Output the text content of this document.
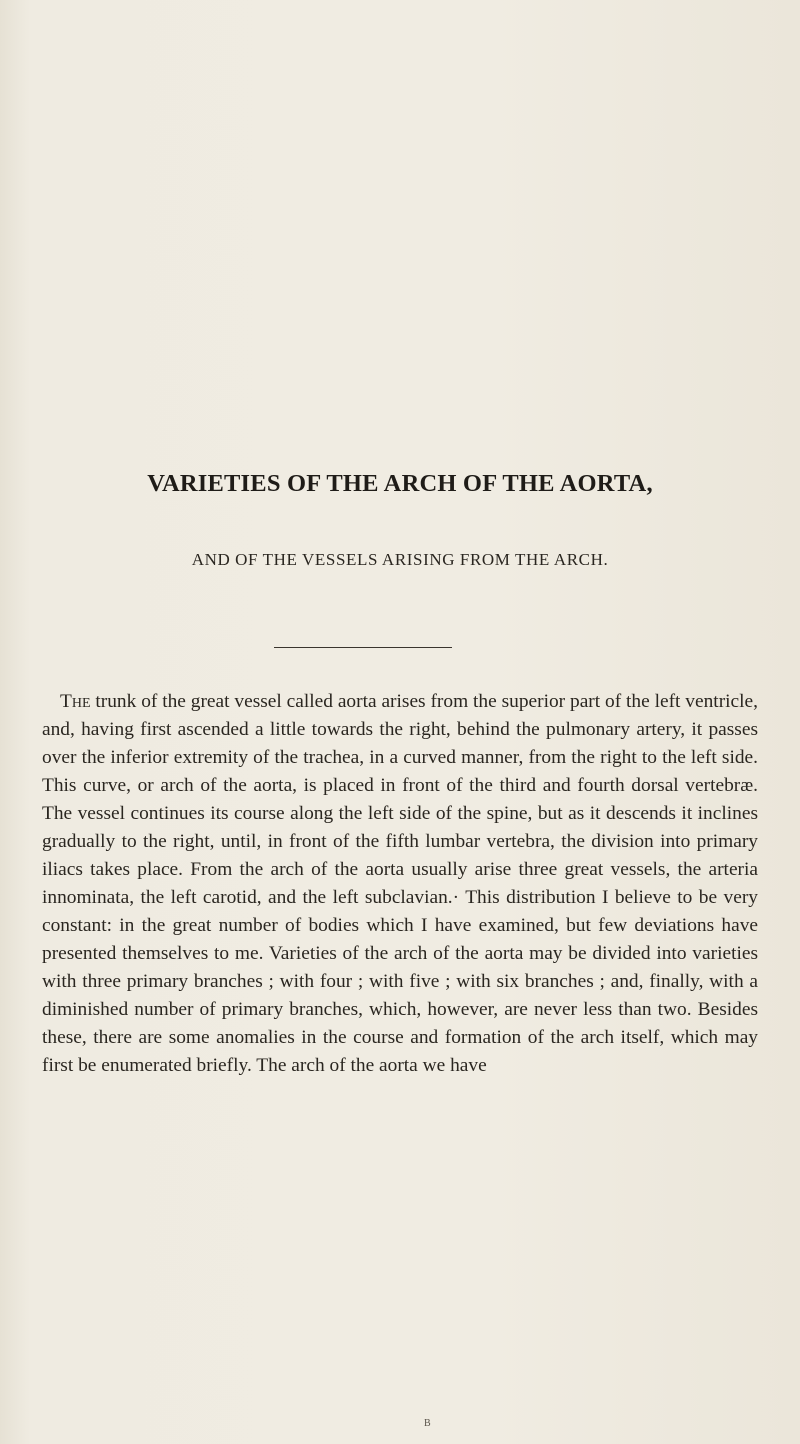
VARIETIES OF THE ARCH OF THE AORTA,
AND OF THE VESSELS ARISING FROM THE ARCH.

The trunk of the great vessel called aorta arises from the superior part of the left ventricle, and, having first ascended a little towards the right, behind the pulmonary artery, it passes over the inferior extremity of the trachea, in a curved manner, from the right to the left side. This curve, or arch of the aorta, is placed in front of the third and fourth dorsal vertebræ. The vessel continues its course along the left side of the spine, but as it descends it inclines gradually to the right, until, in front of the fifth lumbar vertebra, the division into primary iliacs takes place. From the arch of the aorta usually arise three great vessels, the arteria innominata, the left carotid, and the left subclavian.· This distribution I believe to be very constant: in the great number of bodies which I have examined, but few deviations have presented themselves to me. Varieties of the arch of the aorta may be divided into varieties with three primary branches ; with four ; with five ; with six branches ; and, finally, with a diminished number of primary branches, which, however, are never less than two. Besides these, there are some anomalies in the course and formation of the arch itself, which may first be enumerated briefly. The arch of the aorta we have

B
